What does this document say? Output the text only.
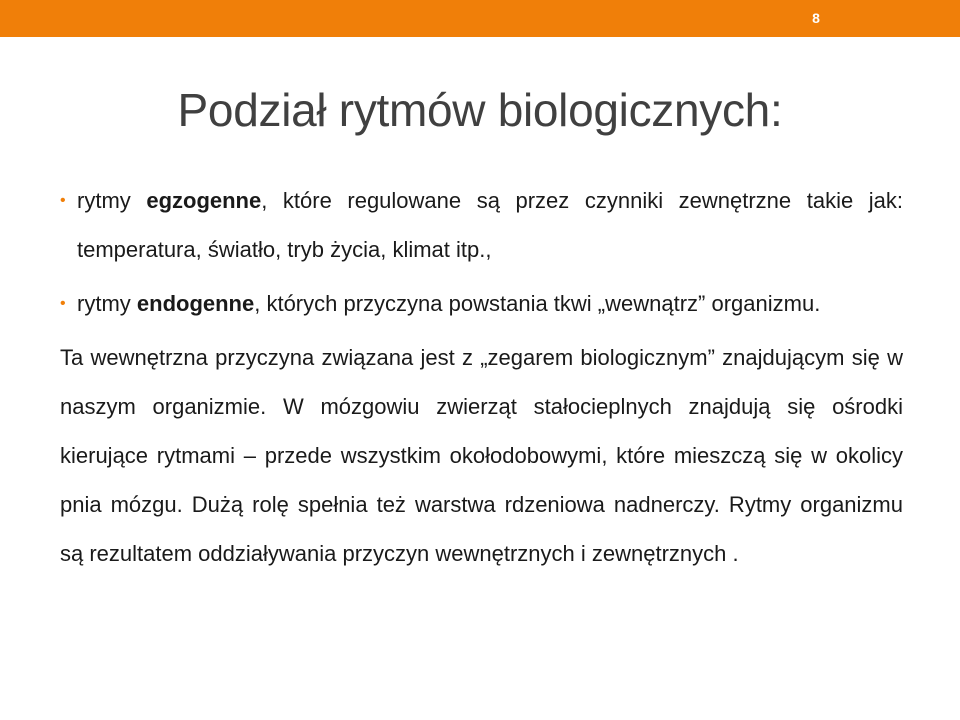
8
Podział rytmów biologicznych:
• rytmy egzogenne, które regulowane są przez czynniki zewnętrzne takie jak: temperatura, światło, tryb życia, klimat itp.,
• rytmy endogenne, których przyczyna powstania tkwi „wewnątrz” organizmu.

Ta wewnętrzna przyczyna związana jest z „zegarem biologicznym” znajdującym się w naszym organizmie. W mózgowiu zwierząt stałocieplnych znajdują się ośrodki kierujące rytmami – przede wszystkim okołodobowymi, które mieszczą się w okolicy pnia mózgu. Dużą rolę spełnia też warstwa rdzeniowa nadnerczy. Rytmy organizmu są rezultatem oddziaływania przyczyn wewnętrznych i zewnętrznych .
